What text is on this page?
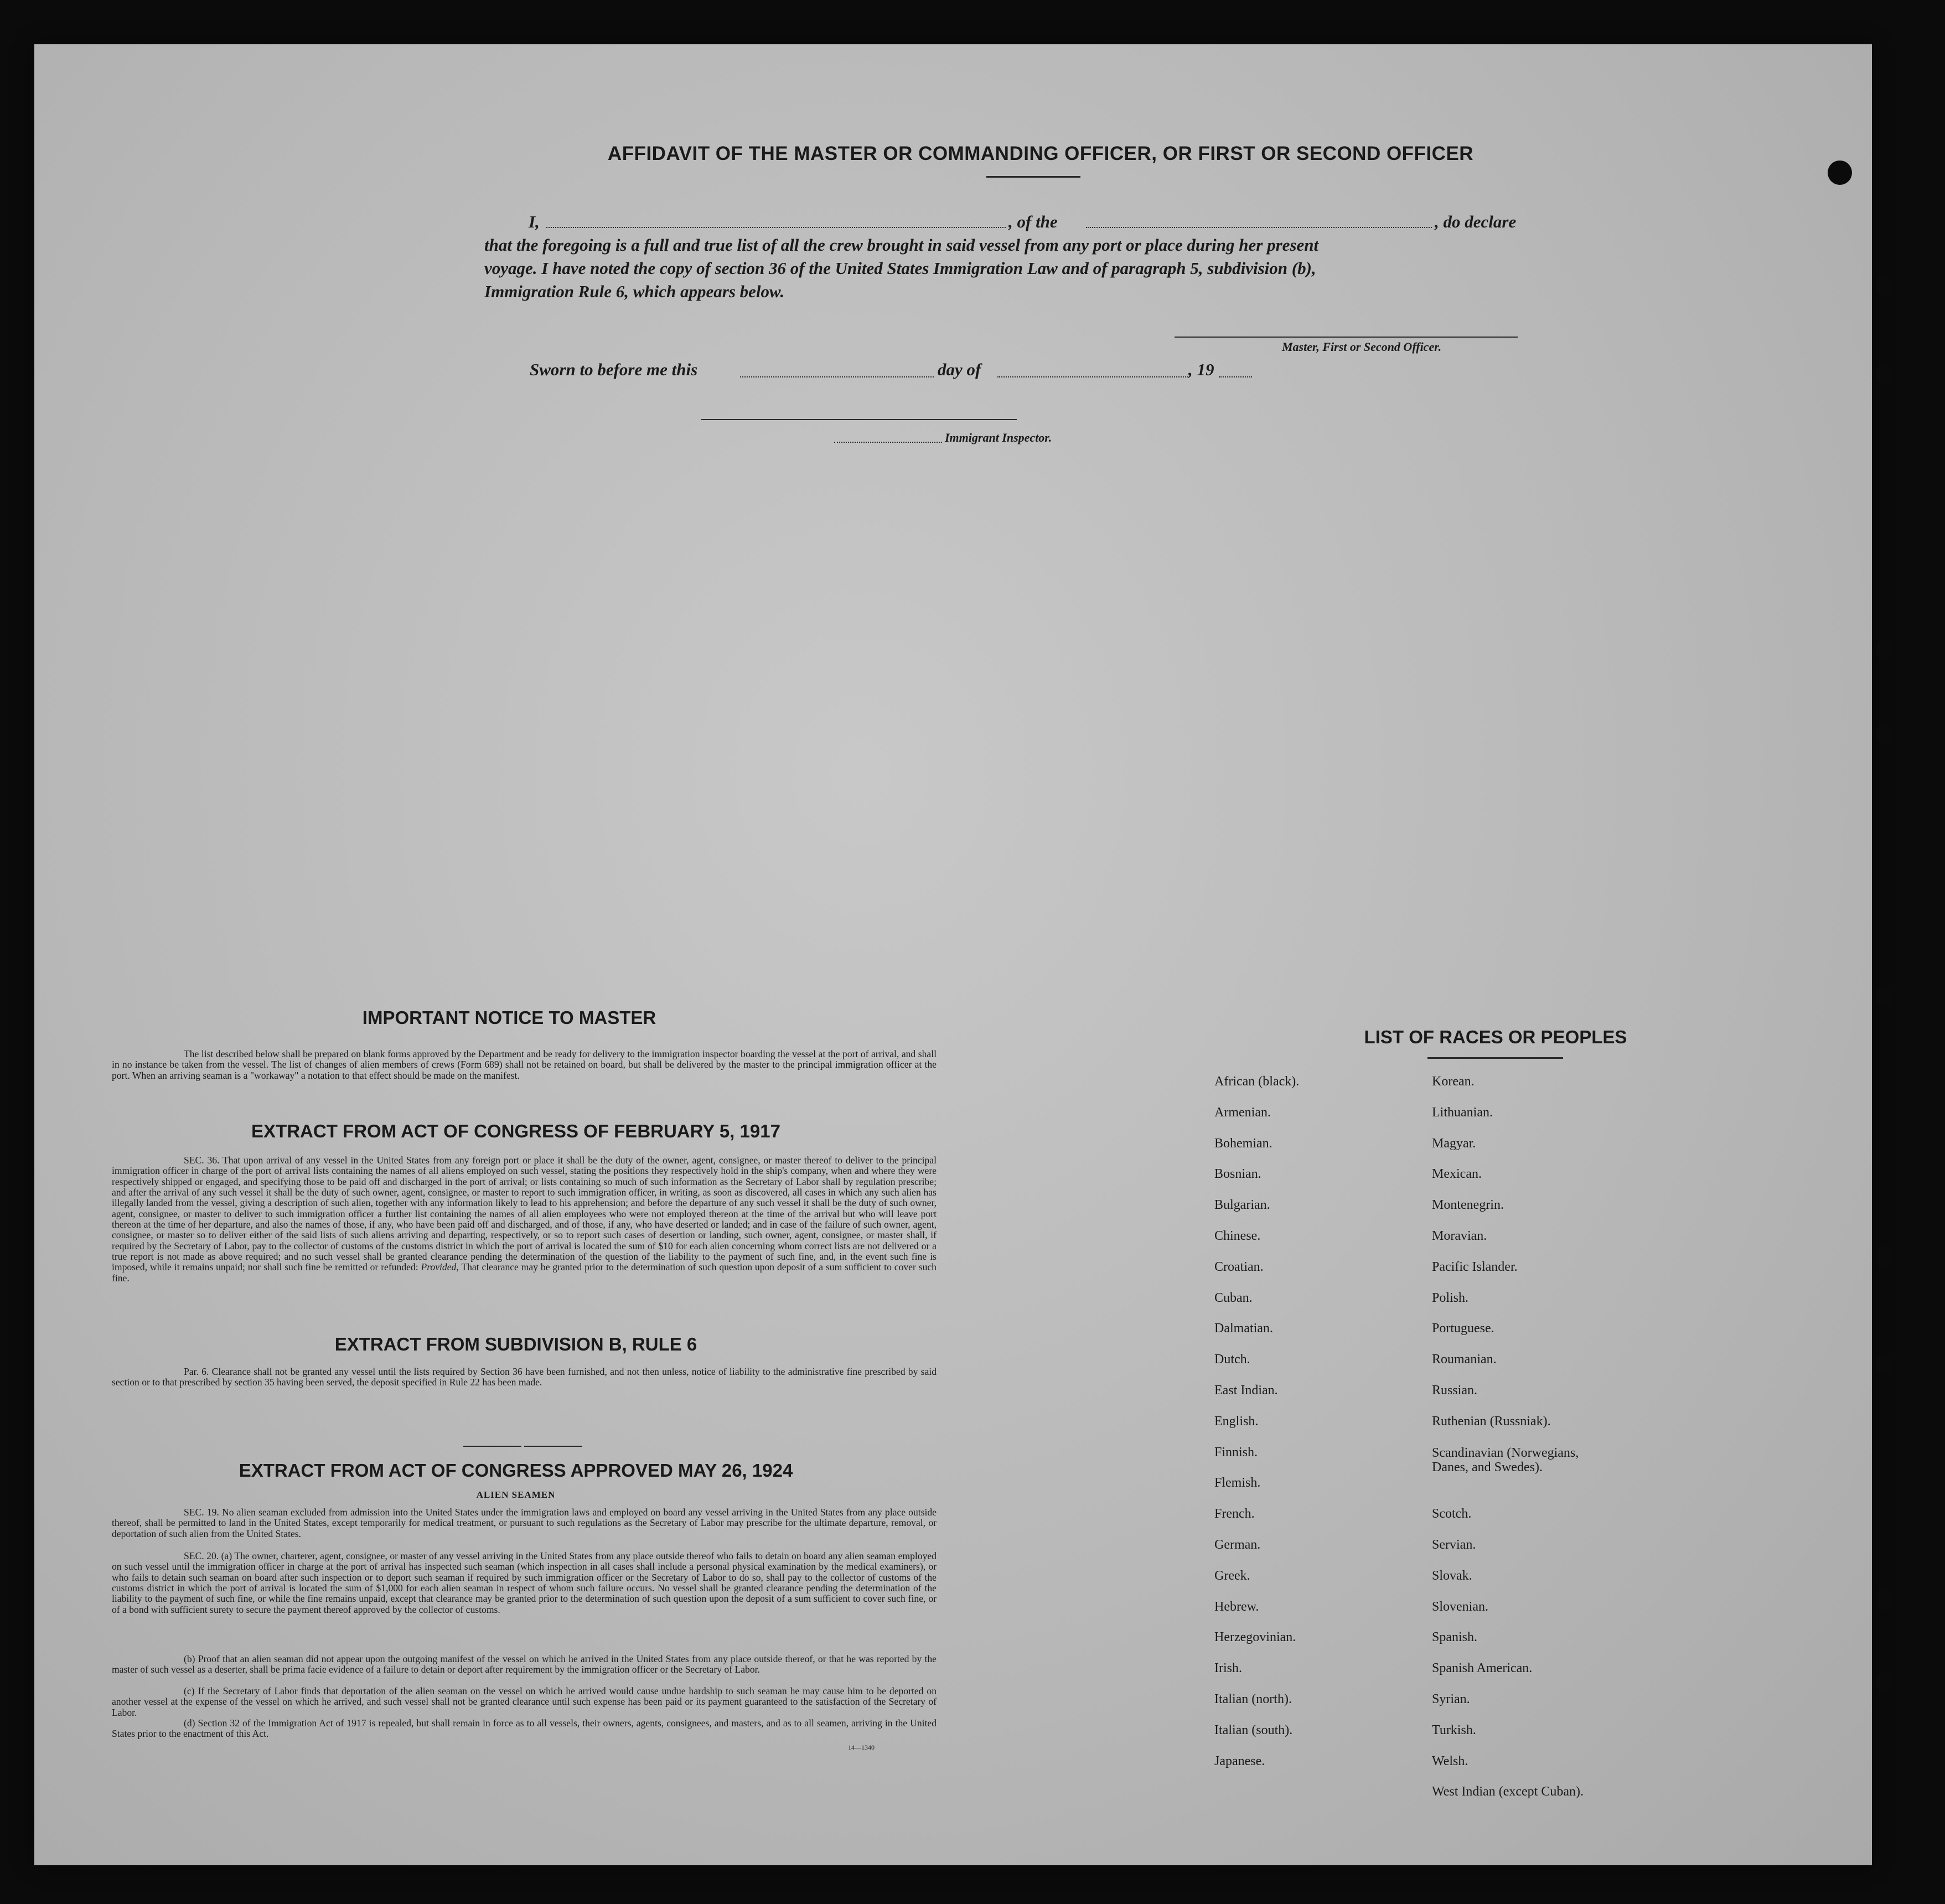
AFFIDAVIT OF THE MASTER OR COMMANDING OFFICER, OR FIRST OR SECOND OFFICER
I,	, of the	, do declare
that the foregoing is a full and true list of all the crew brought in said vessel from any port or place during her present
voyage. I have noted the copy of section 36 of the United States Immigration Law and of paragraph 5, subdivision (b),
Immigration Rule 6, which appears below.
Master, First or Second Officer.
Sworn to before me this	day of	, 19
Immigrant Inspector.
IMPORTANT NOTICE TO MASTER
The list described below shall be prepared on blank forms approved by the Department and be ready for delivery to the immigration inspector boarding the vessel at the port of arrival, and shall in no instance be taken from the vessel. The list of changes of alien members of crews (Form 689) shall not be retained on board, but shall be delivered by the master to the principal immigration officer at the port. When an arriving seaman is a "workaway" a notation to that effect should be made on the manifest.
EXTRACT FROM ACT OF CONGRESS OF FEBRUARY 5, 1917
SEC. 36. That upon arrival of any vessel in the United States from any foreign port or place it shall be the duty of the owner, agent, consignee, or master thereof to deliver to the principal immigration officer in charge of the port of arrival lists containing the names of all aliens employed on such vessel, stating the positions they respectively hold in the ship's company, when and where they were respectively shipped or engaged, and specifying those to be paid off and discharged in the port of arrival; or lists containing so much of such information as the Secretary of Labor shall by regulation prescribe; and after the arrival of any such vessel it shall be the duty of such owner, agent, consignee, or master to report to such immigration officer, in writing, as soon as discovered, all cases in which any such alien has illegally landed from the vessel, giving a description of such alien, together with any information likely to lead to his apprehension; and before the departure of any such vessel it shall be the duty of such owner, agent, consignee, or master to deliver to such immigration officer a further list containing the names of all alien employees who were not employed thereon at the time of the arrival but who will leave port thereon at the time of her departure, and also the names of those, if any, who have been paid off and discharged, and of those, if any, who have deserted or landed; and in case of the failure of such owner, agent, consignee, or master so to deliver either of the said lists of such aliens arriving and departing, respectively, or so to report such cases of desertion or landing, such owner, agent, consignee, or master shall, if required by the Secretary of Labor, pay to the collector of customs of the customs district in which the port of arrival is located the sum of $10 for each alien concerning whom correct lists are not delivered or a true report is not made as above required; and no such vessel shall be granted clearance pending the determination of the question of the liability to the payment of such fine, and, in the event such fine is imposed, while it remains unpaid; nor shall such fine be remitted or refunded: Provided, That clearance may be granted prior to the determination of such question upon deposit of a sum sufficient to cover such fine.
EXTRACT FROM SUBDIVISION B, RULE 6
Par. 6. Clearance shall not be granted any vessel until the lists required by Section 36 have been furnished, and not then unless, notice of liability to the administrative fine prescribed by said section or to that prescribed by section 35 having been served, the deposit specified in Rule 22 has been made.
EXTRACT FROM ACT OF CONGRESS APPROVED MAY 26, 1924
ALIEN SEAMEN
SEC. 19. No alien seaman excluded from admission into the United States under the immigration laws and employed on board any vessel arriving in the United States from any place outside thereof, shall be permitted to land in the United States, except temporarily for medical treatment, or pursuant to such regulations as the Secretary of Labor may prescribe for the ultimate departure, removal, or deportation of such alien from the United States.
SEC. 20. (a) The owner, charterer, agent, consignee, or master of any vessel arriving in the United States from any place outside thereof who fails to detain on board any alien seaman employed on such vessel until the immigration officer in charge at the port of arrival has inspected such seaman (which inspection in all cases shall include a personal physical examination by the medical examiners), or who fails to detain such seaman on board after such inspection or to deport such seaman if required by such immigration officer or the Secretary of Labor to do so, shall pay to the collector of customs of the customs district in which the port of arrival is located the sum of $1,000 for each alien seaman in respect of whom such failure occurs. No vessel shall be granted clearance pending the determination of the liability to the payment of such fine, or while the fine remains unpaid, except that clearance may be granted prior to the determination of such question upon the deposit of a sum sufficient to cover such fine, or of a bond with sufficient surety to secure the payment thereof approved by the collector of customs.
(b) Proof that an alien seaman did not appear upon the outgoing manifest of the vessel on which he arrived in the United States from any place outside thereof, or that he was reported by the master of such vessel as a deserter, shall be prima facie evidence of a failure to detain or deport after requirement by the immigration officer or the Secretary of Labor.
(c) If the Secretary of Labor finds that deportation of the alien seaman on the vessel on which he arrived would cause undue hardship to such seaman he may cause him to be deported on another vessel at the expense of the vessel on which he arrived, and such vessel shall not be granted clearance until such expense has been paid or its payment guaranteed to the satisfaction of the Secretary of Labor.
(d) Section 32 of the Immigration Act of 1917 is repealed, but shall remain in force as to all vessels, their owners, agents, consignees, and masters, and as to all seamen, arriving in the United States prior to the enactment of this Act.
14—1340
LIST OF RACES OR PEOPLES
African (black).
Armenian.
Bohemian.
Bosnian.
Bulgarian.
Chinese.
Croatian.
Cuban.
Dalmatian.
Dutch.
East Indian.
English.
Finnish.
Flemish.
French.
German.
Greek.
Hebrew.
Herzegovinian.
Irish.
Italian (north).
Italian (south).
Japanese.
Korean.
Lithuanian.
Magyar.
Mexican.
Montenegrin.
Moravian.
Pacific Islander.
Polish.
Portuguese.
Roumanian.
Russian.
Ruthenian (Russniak).
Scandinavian (Norwegians, Danes, and Swedes).
Scotch.
Servian.
Slovak.
Slovenian.
Spanish.
Spanish American.
Syrian.
Turkish.
Welsh.
West Indian (except Cuban).
